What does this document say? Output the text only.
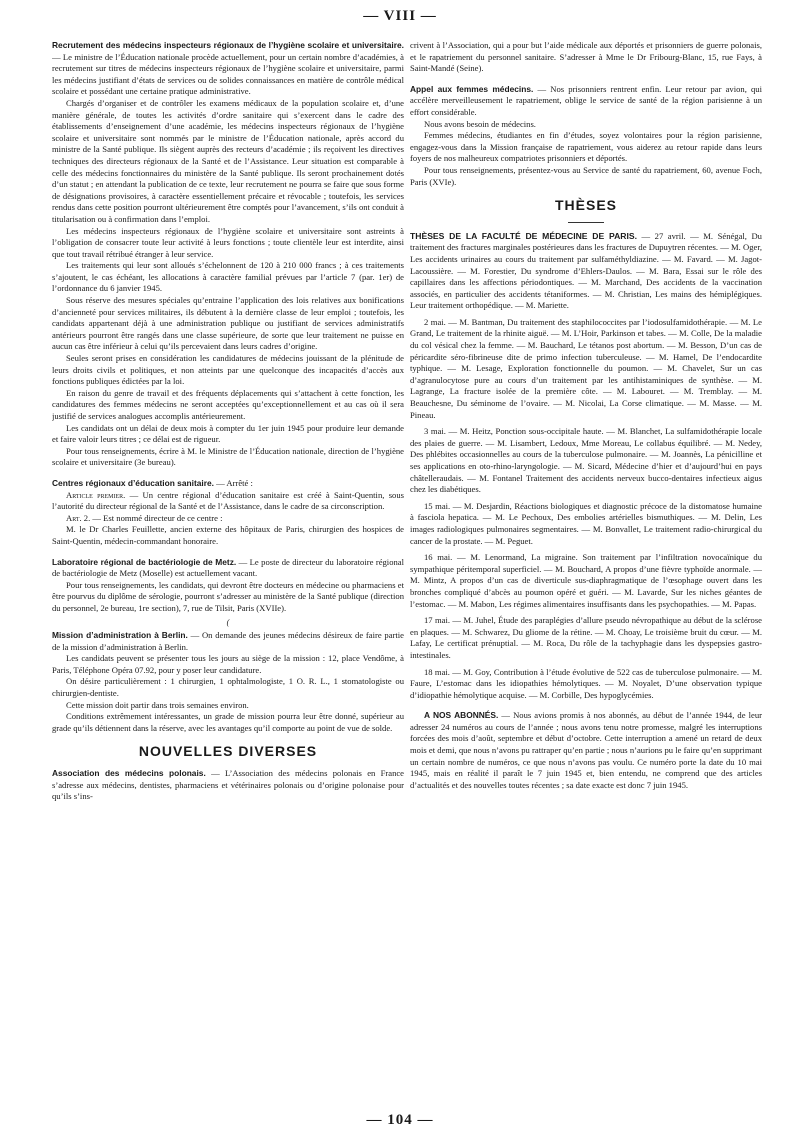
— VIII —

Recrutement des médecins inspecteurs régionaux de l’hygiène scolaire et universitaire. — Le ministre de l’Éducation nationale procède actuellement, pour un certain nombre d’académies, à recrutement sur titres de médecins inspecteurs régionaux de l’hygiène scolaire et universitaire, parmi les médecins justifiant d’états de services ou de solides connaissances en matière de contrôle médical scolaire et possédant une certaine pratique administrative.

Chargés d’organiser et de contrôler les examens médicaux de la population scolaire et, d’une manière générale, de toutes les activités d’ordre sanitaire qui s’exercent dans le cadre des établissements d’enseignement d’une académie, les médecins inspecteurs régionaux de l’hygiène scolaire et universitaire sont nommés par le ministre de l’Éducation nationale, après accord du ministre de la Santé publique. Ils siègent auprès des recteurs d’académie ; ils reçoivent les directives techniques des directeurs régionaux de la Santé et de l’Assistance. Leur situation est comparable à celle des médecins fonctionnaires du ministère de la Santé publique. Ils seront prochainement dotés d’un statut ; en attendant la publication de ce texte, leur recrutement ne pourra se faire que sous forme de désignations provisoires, à caractère essentiellement précaire et révocable ; toutefois, les services rendus dans cette position pourront ultérieurement être comptés pour l’avancement, s’ils ont conduit à titularisation ou à confirmation dans l’emploi.

Les médecins inspecteurs régionaux de l’hygiène scolaire et universitaire sont astreints à l’obligation de consacrer toute leur activité à leurs fonctions ; toute clientèle leur est interdite, ainsi que tout travail rétribué étranger à leur service.

Les traitements qui leur sont alloués s’échelonnent de 120 à 210 000 francs ; à ces traitements s’ajoutent, le cas échéant, les allocations à caractère familial prévues par l’article 7 (par. 1er) de l’ordonnance du 6 janvier 1945.

Sous réserve des mesures spéciales qu’entraine l’application des lois relatives aux bonifications d’ancienneté pour services militaires, ils débutent à la dernière classe de leur emploi ; toutefois, les candidats appartenant déjà à une administration publique ou justifiant de services administratifs antérieurs pourront être rangés dans une classe supérieure, de sorte que leur traitement ne puisse en aucun cas être inférieur à celui qu’ils percevaient dans leurs cadres d’origine.

Seules seront prises en considération les candidatures de médecins jouissant de la plénitude de leurs droits civils et politiques, et non atteints par une quelconque des incapacités d’accès aux fonctions publiques édictées par la loi.

En raison du genre de travail et des fréquents déplacements qui s’attachent à cette fonction, les candidatures des femmes médecins ne seront acceptées qu’exceptionnellement et au cas où il sera justifié de services analogues accomplis antérieurement.

Les candidats ont un délai de deux mois à compter du 1er juin 1945 pour produire leur demande et faire valoir leurs titres ; ce délai est de rigueur.

Pour tous renseignements, écrire à M. le Ministre de l’Éducation nationale, direction de l’hygiène scolaire et universitaire (3e bureau).

Centres régionaux d’éducation sanitaire. — Arrêté :

Article premier. — Un centre régional d’éducation sanitaire est créé à Saint-Quentin, sous l’autorité du directeur régional de la Santé et de l’Assistance, dans le cadre de sa circonscription.

Art. 2. — Est nommé directeur de ce centre :

M. le Dr Charles Feuillette, ancien externe des hôpitaux de Paris, chirurgien des hospices de Saint-Quentin, médecin-commandant honoraire.

Laboratoire régional de bactériologie de Metz. — Le poste de directeur du laboratoire régional de bactériologie de Metz (Moselle) est actuellement vacant.

Pour tous renseignements, les candidats, qui devront être docteurs en médecine ou pharmaciens et être pourvus du diplôme de sérologie, pourront s’adresser au ministère de la Santé publique (direction du personnel, 2e bureau, 1re section), 7, rue de Tilsit, Paris (XVIIe).

(

Mission d’administration à Berlin. — On demande des jeunes médecins désireux de faire partie de la mission d’administration à Berlin.

Les candidats peuvent se présenter tous les jours au siège de la mission : 12, place Vendôme, à Paris, Téléphone Opéra 07.92, pour y poser leur candidature.

On désire particulièrement : 1 chirurgien, 1 ophtalmologiste, 1 O. R. L., 1 stomatologiste ou chirurgien-dentiste.

Cette mission doit partir dans trois semaines environ.

Conditions extrêmement intéressantes, un grade de mission pourra leur être donné, supérieur au grade qu’ils détiennent dans la réserve, avec les avantages qu’il comporte au point de vue de solde.

NOUVELLES DIVERSES

Association des médecins polonais. — L’Association des médecins polonais en France s’adresse aux médecins, dentistes, pharmaciens et vétérinaires polonais ou d’origine polonaise pour qu’ils s’ins-

crivent à l’Association, qui a pour but l’aide médicale aux déportés et prisonniers de guerre polonais, et le rapatriement du personnel sanitaire. S’adresser à Mme le Dr Fribourg-Blanc, 15, rue Fays, à Saint-Mandé (Seine).

Appel aux femmes médecins. — Nos prisonniers rentrent enfin. Leur retour par avion, qui accélère merveilleusement le rapatriement, oblige le service de santé de la région parisienne à un effort considérable.

Nous avons besoin de médecins.

Femmes médecins, étudiantes en fin d’études, soyez volontaires pour la région parisienne, engagez-vous dans la Mission française de rapatriement, vous aiderez au retour rapide dans leurs foyers de nos malheureux compatriotes prisonniers et déportés.

Pour tous renseignements, présentez-vous au Service de santé du rapatriement, 60, avenue Foch, Paris (XVIe).

THÈSES

THÈSES DE LA FACULTÉ DE MÉDECINE DE PARIS. — 27 avril. — M. Sénégal, Du traitement des fractures marginales postérieures dans les fractures de Dupuytren récentes. — M. Oger, Les accidents urinaires au cours du traitement par sulfaméthyldiazine. — M. Favard. — M. Jagot-Lacoussière. — M. Forestier, Du syndrome d’Ehlers-Daulos. — M. Bara, Essai sur le rôle des capillaires dans les affections périodontiques. — M. Marchand, Des accidents de la vaccination associés, en particulier des accidents tétaniformes. — M. Christian, Les mains des hémiplégiques. Leur traitement orthopédique. — M. Mariette.

2 mai. — M. Bantman, Du traitement des staphilococcites par l’iodosulfamidothérapie. — M. Le Grand, Le traitement de la rhinite aiguë. — M. L’Hoir, Parkinson et tabes. — M. Colle, De la maladie du col vésical chez la femme. — M. Bauchard, Le tétanos post abortum. — M. Besson, D’un cas de péricardite séro-fibrineuse dite de primo infection tuberculeuse. — M. Hamel, De l’endocardite typhique. — M. Lesage, Exploration fonctionnelle du poumon. — M. Chavelet, Sur un cas d’agranulocytose pure au cours d’un traitement par les antihistaminiques de synthèse. — M. Lagrange, La fracture isolée de la première côte. — M. Labouret. — M. Tremblay. — M. Beauchesne, Du séminome de l’ovaire. — M. Nicolai, La Corse climatique. — M. Masse. — M. Pineau.

3 mai. — M. Heitz, Ponction sous-occipitale haute. — M. Blanchet, La sulfamidothérapie locale des plaies de guerre. — M. Lisambert, Ledoux, Mme Moreau, Le collabus équilibré. — M. Nedey, Des phlébites occasionnelles au cours de la tuberculose pulmonaire. — M. Joannès, La pénicilline et ses applications en oto-rhino-laryngologie. — M. Sicard, Médecine d’hier et d’aujourd’hui en pays châtelleraudais. — M. Fontanel Traitement des accidents nerveux bucco-dentaires infectieux aigus chez les diabétiques.

15 mai. — M. Desjardin, Réactions biologiques et diagnostic précoce de la distomatose humaine à fasciola hepatica. — M. Le Pechoux, Des embolies artérielles bismuthiques. — M. Delin, Les images radiologiques pulmonaires segmentaires. — M. Bonvallet, Le traitement radio-chirurgical du cancer de la prostate. — M. Peguet.

16 mai. — M. Lenormand, La migraine. Son traitement par l’infiltration novocaïnique du sympathique péritemporal superficiel. — M. Bouchard, A propos d’une fièvre typhoïde anormale. — M. Mintz, A propos d’un cas de diverticule sus-diaphragmatique de l’œsophage ouvert dans les bronches compliqué d’abcès au poumon opéré et guéri. — M. Lavarde, Sur les niches géantes de l’estomac. — M. Mabon, Les régimes alimentaires insuffisants dans les psychopathies. — M. Papas.

17 mai. — M. Juhel, Étude des paraplégies d’allure pseudo névropathique au début de la sclérose en plaques. — M. Schwarez, Du gliome de la rétine. — M. Choay, Le troisième bruit du cœur. — M. Lafay, Le certificat prénuptial. — M. Roca, Du rôle de la tachyphagie dans les dyspepsies gastro-intestinales.

18 mai. — M. Goy, Contribution à l’étude évolutive de 522 cas de tuberculose pulmonaire. — M. Faure, L’estomac dans les idiopathies hémolytiques. — M. Noyalet, D’une observation typique d’idiopathie hémolytique acquise. — M. Corbille, Des hypoglycémies.

A NOS ABONNÉS. — Nous avions promis à nos abonnés, au début de l’année 1944, de leur adresser 24 numéros au cours de l’année ; nous avons tenu notre promesse, malgré les interruptions forcées des mois d’août, septembre et début d’octobre. Cette interruption a amené un retard de deux mois et demi, que nous n’avons pu rattraper qu’en partie ; nous n’aurions pu le faire qu’en supprimant un certain nombre de numéros, ce que nous n’avons pas voulu. Ce numéro porte la date du 10 mai 1945, mais en réalité il paraît le 7 juin 1945 et, bien entendu, ne comprend que des articles d’actualités et des nouvelles toutes récentes ; sa date exacte est donc 7 juin 1945.

— 104 —
